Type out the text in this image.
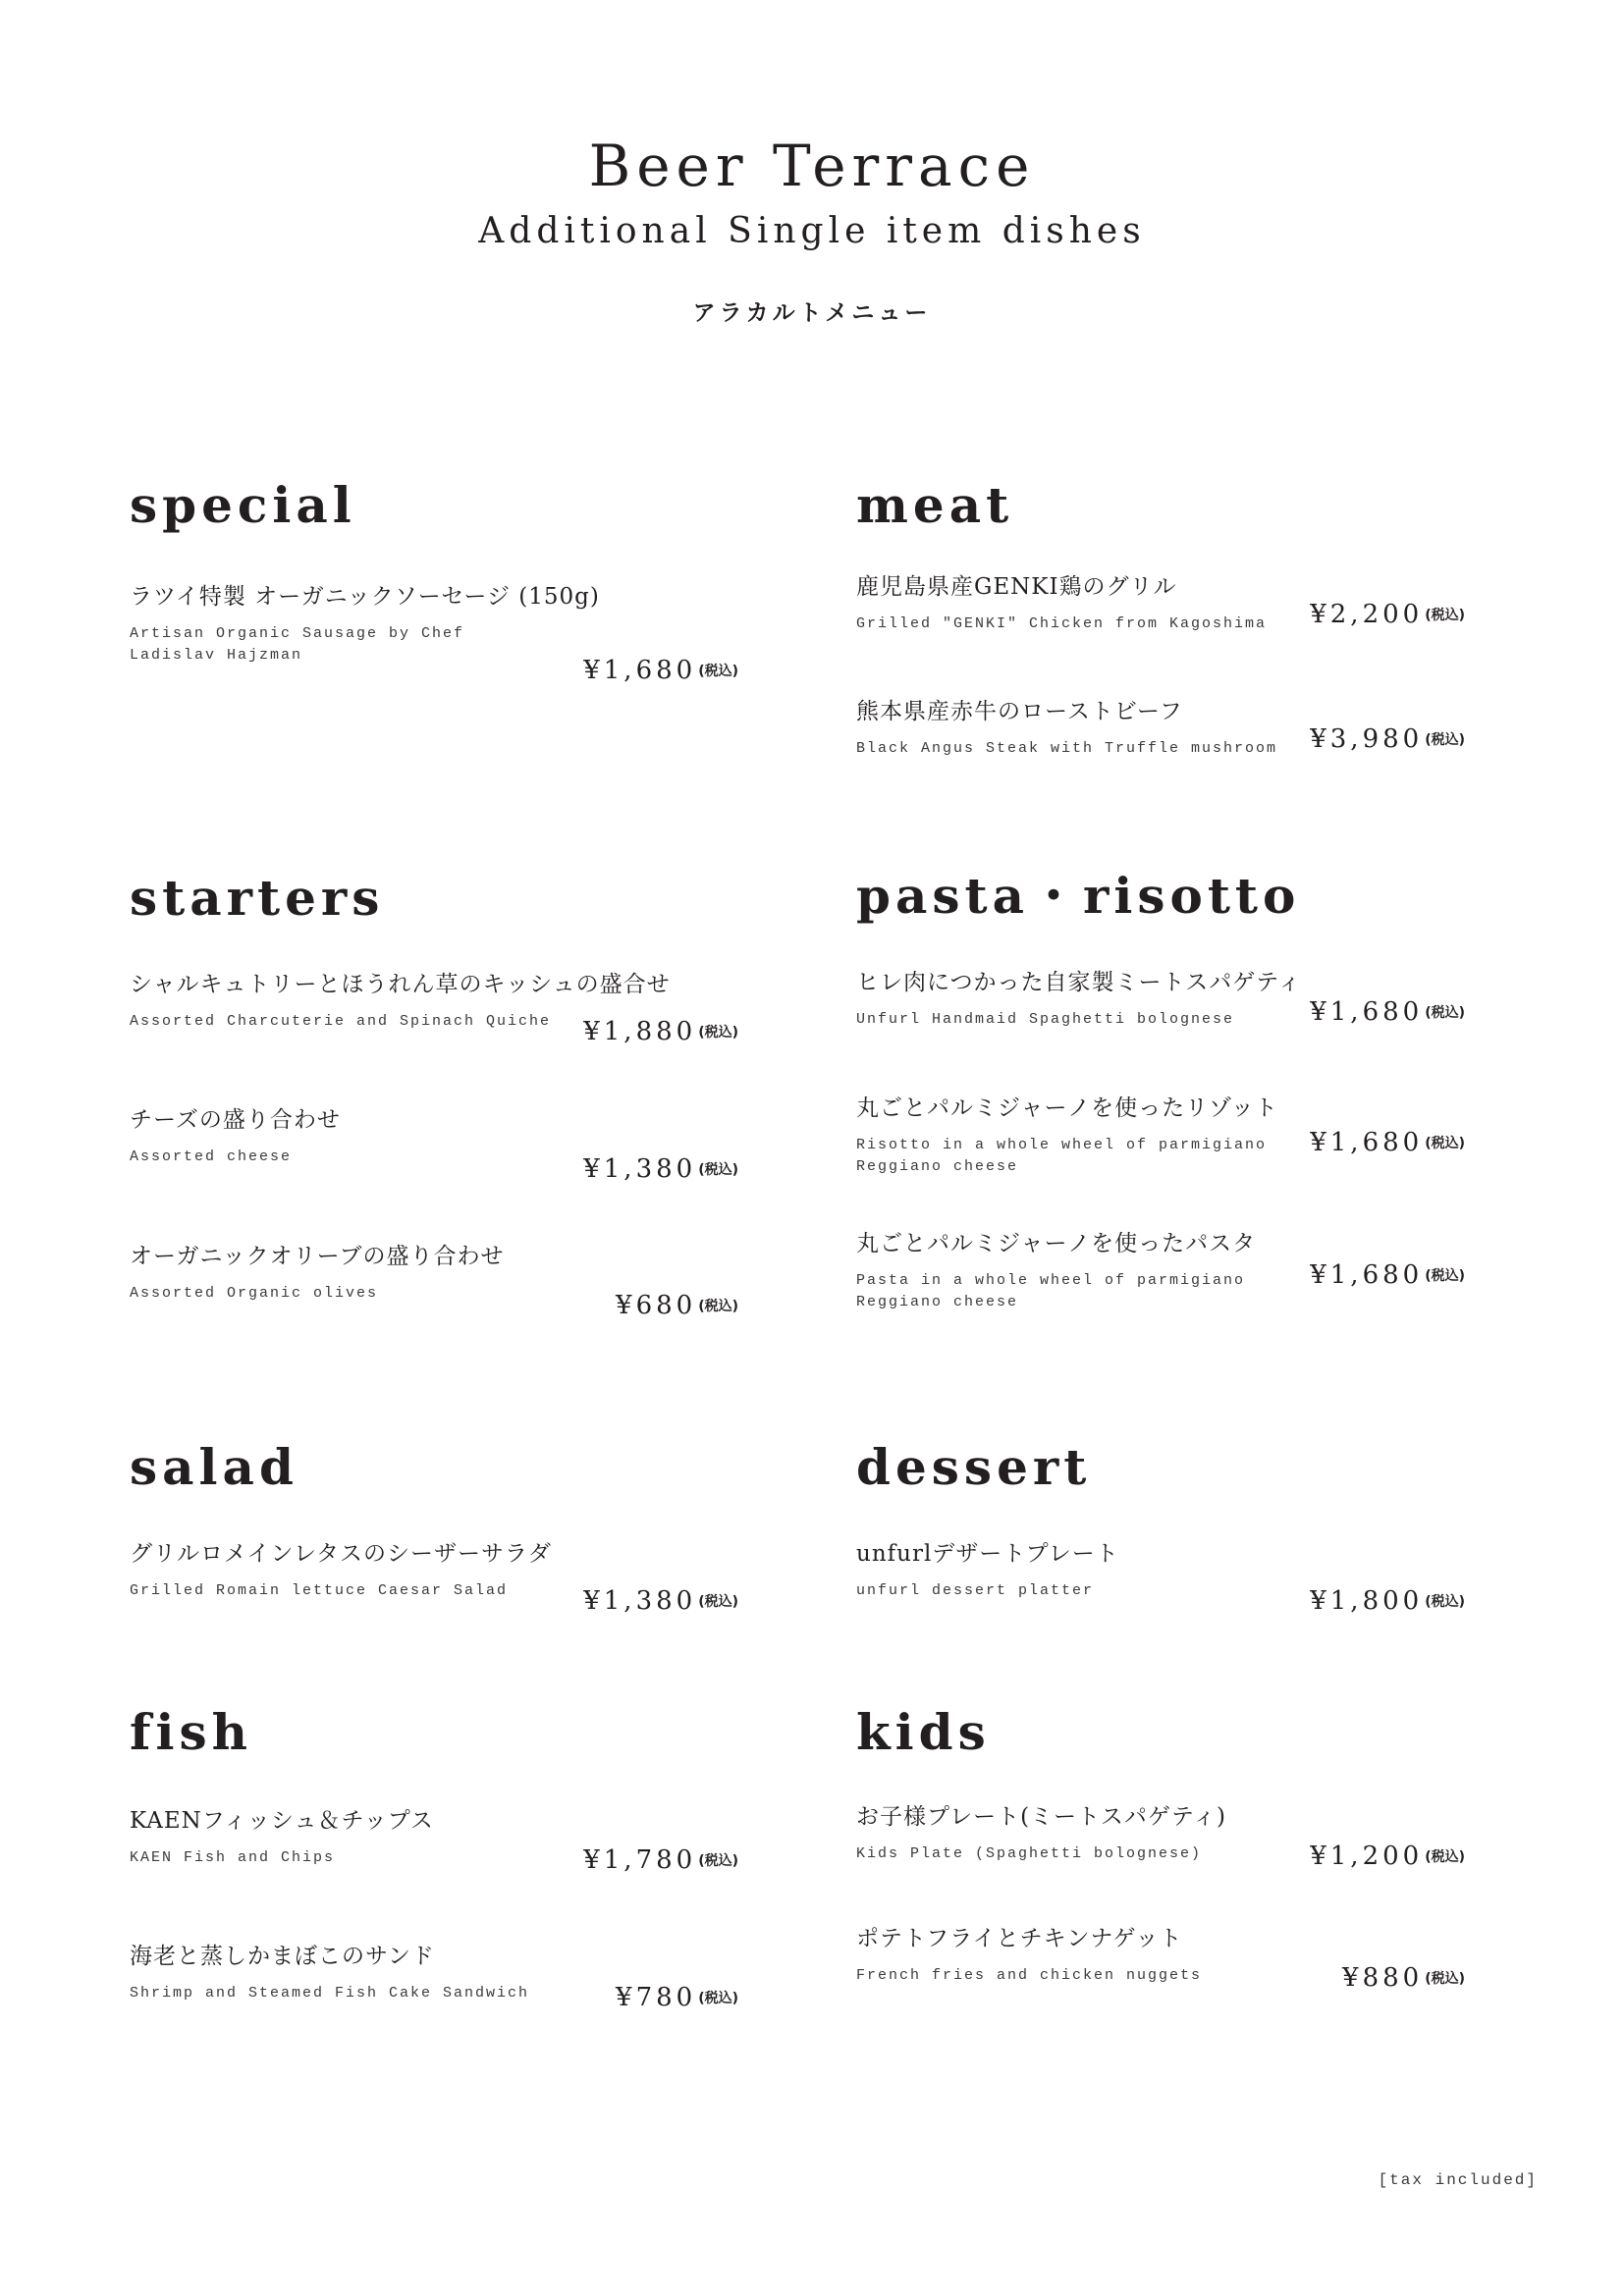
Beer Terrace
Additional Single item dishes
アラカルトメニュー
special
ラツイ特製 オーガニックソーセージ (150g)
Artisan Organic Sausage by Chef Ladislav Hajzman
¥1,680 (税込)
meat
鹿児島県産GENKI鶏のグリル
Grilled "GENKI" Chicken from Kagoshima	¥2,200 (税込)
熊本県産赤牛のローストビーフ
Black Angus Steak with Truffle mushroom ¥3,980 (税込)
starters
シャルキュトリーとほうれん草のキッシュの盛合せ
Assorted Charcuterie and Spinach Quiche ¥1,880 (税込)
チーズの盛り合わせ
Assorted cheese	¥1,380 (税込)
オーガニックオリーブの盛り合わせ
Assorted Organic olives	¥680 (税込)
pasta・risotto
ヒレ肉につかった自家製ミートスパゲティ
Unfurl Handmaid Spaghetti bolognese	¥1,680 (税込)
丸ごとパルミジャーノを使ったリゾット
Risotto in a whole wheel of parmigiano
Reggiano cheese
¥1,680 (税込)
丸ごとパルミジャーノを使ったパスタ
Pasta in a whole wheel of parmigiano
Reggiano cheese
¥1,680 (税込)
salad
グリルロメインレタスのシーザーサラダ
Grilled Romain lettuce Caesar Salad	¥1,380 (税込)
dessert
unfurlデザートプレート
unfurl dessert platter	¥1,800 (税込)
fish
KAENフィッシュ＆チップス
KAEN Fish and Chips	¥1,780 (税込)
海老と蒸しかまぼこのサンド
Shrimp and Steamed Fish Cake Sandwich	¥780 (税込)
kids
お子様プレート(ミートスパゲティ)
Kids Plate (Spaghetti bolognese)	¥1,200 (税込)
ポテトフライとチキンナゲット
French fries and chicken nuggets	¥880 (税込)
[tax included]
